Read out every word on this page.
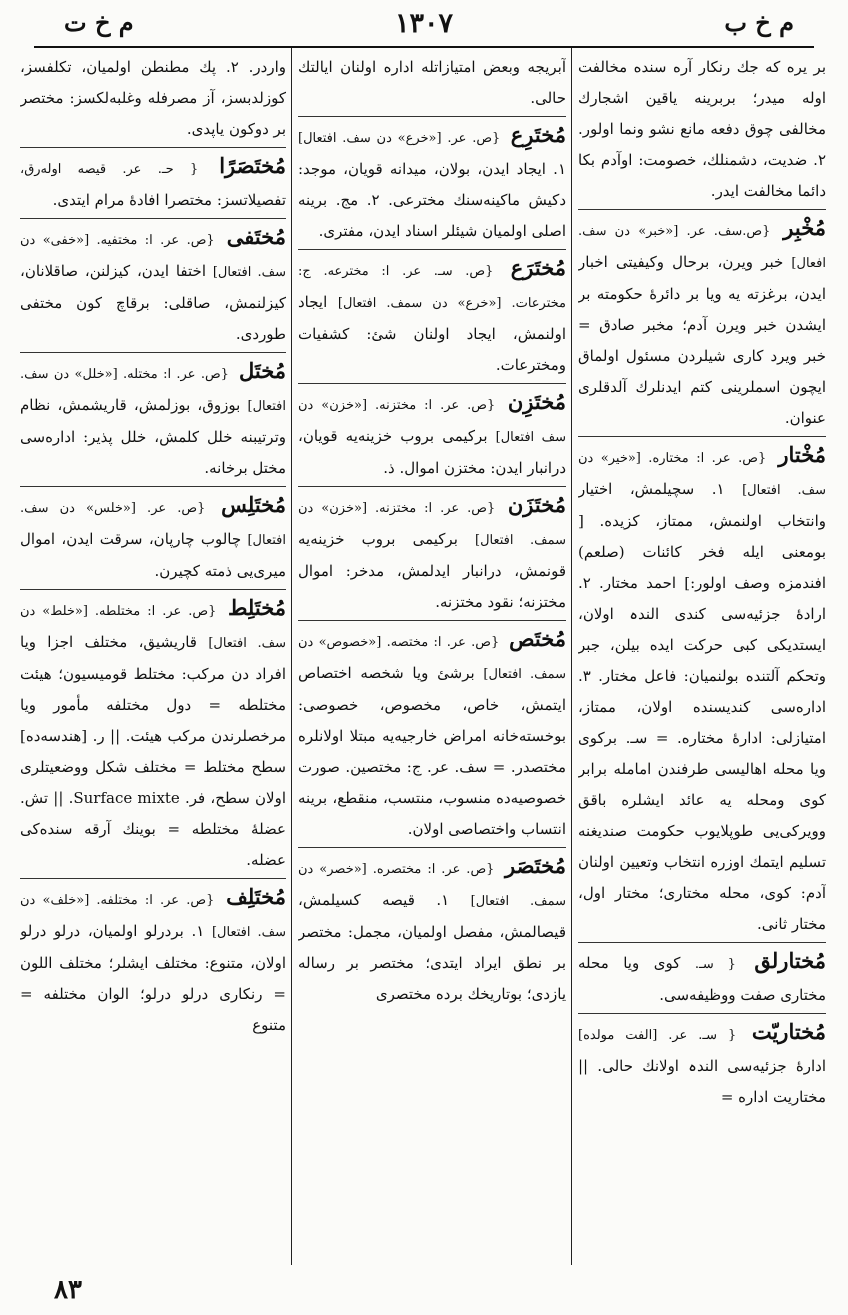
م خ ب
١٣٠٧
م خ ت
بر يره كه جك رنكار آره سنده مخالفت اوله ميدر؛ بربرينه ياقين اشجارك مخالفى چوق دفعه مانع نشو ونما اولور. ٢. ضديت، دشمنلك، خصومت: اوآدم بكا دائما مخالفت ايدر.
مُخْبِر {ص.سف. عر. [«خبر» دن سف. افعال] خبر ويرن، برحال وكيفيتى اخبار ايدن، برغزته يه ويا بر دائرۀ حكومته بر ايشدن خبر ويرن آدم؛ مخبر صادق = خبر ويرد كارى شيلردن مسئول اولماق ايچون اسملرينى كتم ايدنلرك آلدقلرى عنوان.
مُخْتار {ص. عر. ا: مختاره. [«خير» دن سف. افتعال] ١. سچيلمش، اختيار وانتخاب اولنمش، ممتاز، كزيده. [ بومعنى ايله فخر كائنات (صلعم) افندمزه وصف اولور:] احمد مختار. ٢. ارادۀ جزئيه‌سى كندى الندہ اولان، ايستديكى كبى حركت ايده بيلن، جبر وتحكم آلتنده بولنميان: فاعل مختار. ٣. اداره‌سى كنديسنده اولان، ممتاز، امتيازلى: ادارۀ مختاره. = سـ. بركوى ويا محله اهاليسى طرفندن امامله برابر كوى ومحله يه عائد ايشلره باقق وويركى‌يى طوپلايوب حكومت صنديغنه تسليم ايتمك اوزره انتخاب وتعيين اولنان آدم: كوى، محله مختارى؛ مختار اول، مختار ثانى.
مُختارلق { سـ. كوى ويا محله مختارى صفت ووظيفه‌سى.
مُختاريّت { سـ. عر. [الفت مولده] ادارۀ جزئيه‌سى الندہ اولانك حالى. || مختاريت اداره =
آبريجه وبعض امتيازاتله اداره اولنان ايالتك حالى.
مُختَرِع {ص. عر. [«خرع» دن سف. افتعال] ١. ايجاد ايدن، بولان، ميدانه قويان، موجد: دكيش ماكينه‌سنك مخترعى. ٢. مج. برينه اصلى اولميان شيئلر اسناد ايدن، مفترى.
مُختَرَع {ص. سـ. عر. ا: مخترعه. ج: مخترعات. [«خرع» دن سمف. افتعال] ايجاد اولنمش، ايجاد اولنان شئ: كشفيات ومخترعات.
مُختَزِن {ص. عر. ا: مختزنه. [«خزن» دن سف افتعال] بركيمى بروب خزينه‌يه قويان، درانبار ايدن: مختزن اموال. ذ.
مُختَزَن {ص. عر. ا: مختزنه. [«خزن» دن سمف. افتعال] بركيمى بروب خزينه‌يه قونمش، درانبار ايدلمش، مدخر: اموال مختزنه؛ نقود مختزنه.
مُختَص {ص. عر. ا: مختصه. [«خصوص» دن سمف. افتعال] برشئ ويا شخصه اختصاص ايتمش، خاص، مخصوص، خصوصى: بوخسته‌خانه امراض خارجيه‌يه مبتلا اولانلره مختصدر. = سف. عر. ج: مختصين. صورت خصوصيه‌ده منسوب، منتسب، منقطع، برينه انتساب واختصاصى اولان.
مُختَصَر {ص. عر. ا: مختصره. [«خصر» دن سمف. افتعال] ١. قيصه كسيلمش، قيصالمش، مفصل اولميان، مجمل: مختصر بر نطق ايراد ايتدى؛ مختصر بر رساله يازدى؛ بوتاريخك برده مختصرى
واردر. ٢. پك مطنطن اولميان، تكلفسز، كوزلدبسز، آز مصرفله وغلبه‌لكسز: مختصر بر دوكون ياپدى.
مُختَصَرًا { حـ. عر. قيصه اوله‌رق، تفصيلاتسز: مختصرا افادۀ مرام ايتدى.
مُختَفى {ص. عر. ا: مختفيه. [«خفى» دن سف. افتعال] اختفا ايدن، كيزلنن، صاقلانان، كيزلنمش، صاقلى: برقاچ كون مختفى طوردى.
مُختَل {ص. عر. ا: مختله. [«خلل» دن سف. افتعال] بوزوق، بوزلمش، قاريشمش، نظام وترتيبنه خلل كلمش، خلل پذير: اداره‌سى مختل برخانه.
مُختَلِس {ص. عر. [«خلس» دن سف. افتعال] چالوب چارپان، سرقت ايدن، اموال ميرى‌يى ذمته كچيرن.
مُختَلِط {ص. عر. ا: مختلطه. [«خلط» دن سف. افتعال] قاريشيق، مختلف اجزا ويا افراد دن مركب: مختلط قوميسيون؛ هيئت مختلطه = دول مختلفه مأمور ويا مرخصلرندن مركب هيئت. || ر. [هندسه‌ده] سطح مختلط = مختلف شكل ووضعيتلرى اولان سطح، فر. Surface mixte. || تش. عضلۀ مختلطه = بوينك آرقه سنده‌كى عضله.
مُختَلِف {ص. عر. ا: مختلفه. [«خلف» دن سف. افتعال] ١. بردرلو اولميان، درلو درلو اولان، متنوع: مختلف ايشلر؛ مختلف اللون = رنكارى درلو درلو؛ الوان مختلفه = متنوع
٨٣
